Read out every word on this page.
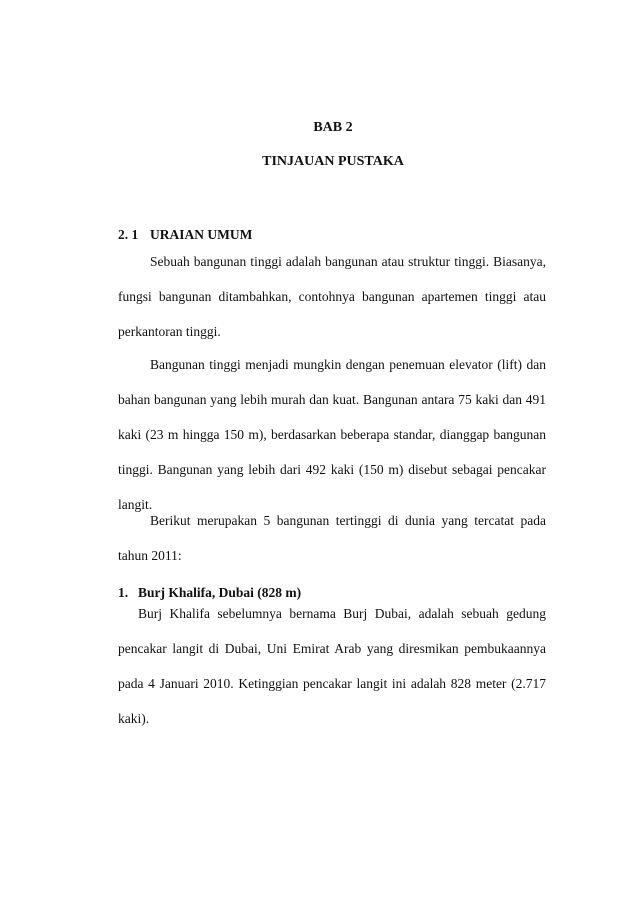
BAB 2
TINJAUAN PUSTAKA
2. 1 URAIAN UMUM

Sebuah bangunan tinggi adalah bangunan atau struktur tinggi. Biasanya, fungsi bangunan ditambahkan, contohnya bangunan apartemen tinggi atau perkantoran tinggi.

Bangunan tinggi menjadi mungkin dengan penemuan elevator (lift) dan bahan bangunan yang lebih murah dan kuat. Bangunan antara 75 kaki dan 491 kaki (23 m hingga 150 m), berdasarkan beberapa standar, dianggap bangunan tinggi. Bangunan yang lebih dari 492 kaki (150 m) disebut sebagai pencakar langit.

Berikut merupakan 5 bangunan tertinggi di dunia yang tercatat pada tahun 2011:

1. Burj Khalifa, Dubai (828 m)

Burj Khalifa sebelumnya bernama Burj Dubai, adalah sebuah gedung pencakar langit di Dubai, Uni Emirat Arab yang diresmikan pembukaannya pada 4 Januari 2010. Ketinggian pencakar langit ini adalah 828 meter (2.717 kaki).
